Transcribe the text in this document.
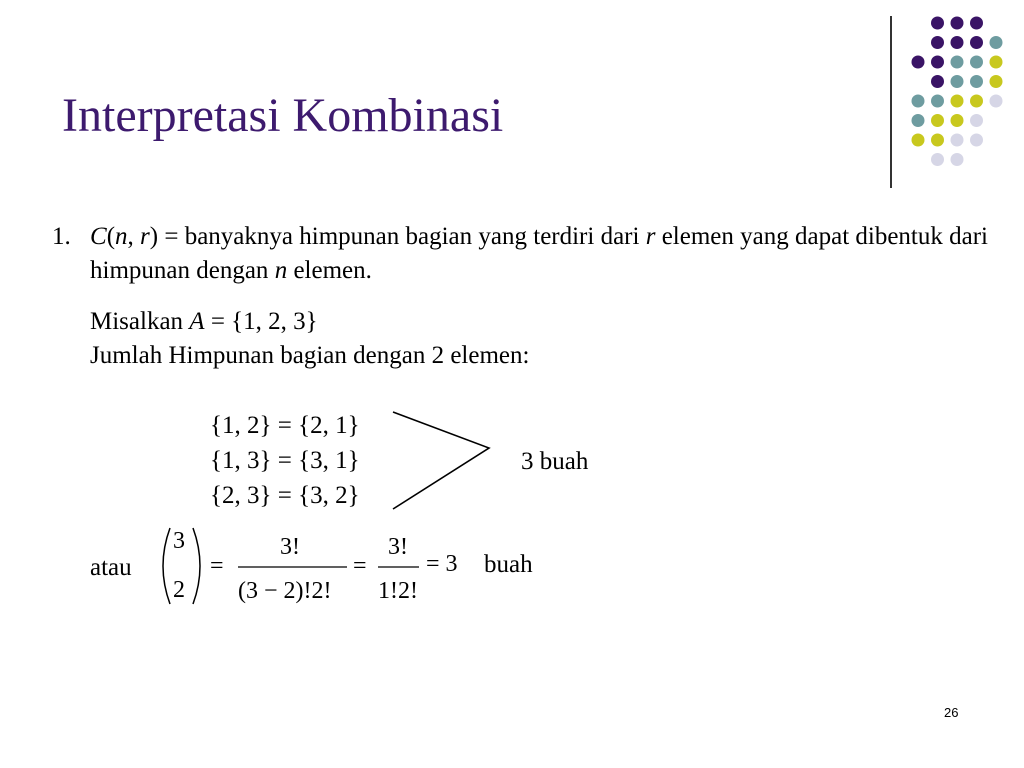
Interpretasi Kombinasi
1. C(n, r) = banyaknya himpunan bagian yang terdiri dari r elemen yang dapat dibentuk dari himpunan dengan n elemen.
Misalkan A = {1, 2, 3}
Jumlah Himpunan bagian dengan 2 elemen:
{1, 2} = {2, 1}
{1, 3} = {3, 1}
{2, 3} = {3, 2}
3 buah
atau
3
2
=
3!
(3 − 2)!2!
=
3!
1!2!
= 3 buah
26
